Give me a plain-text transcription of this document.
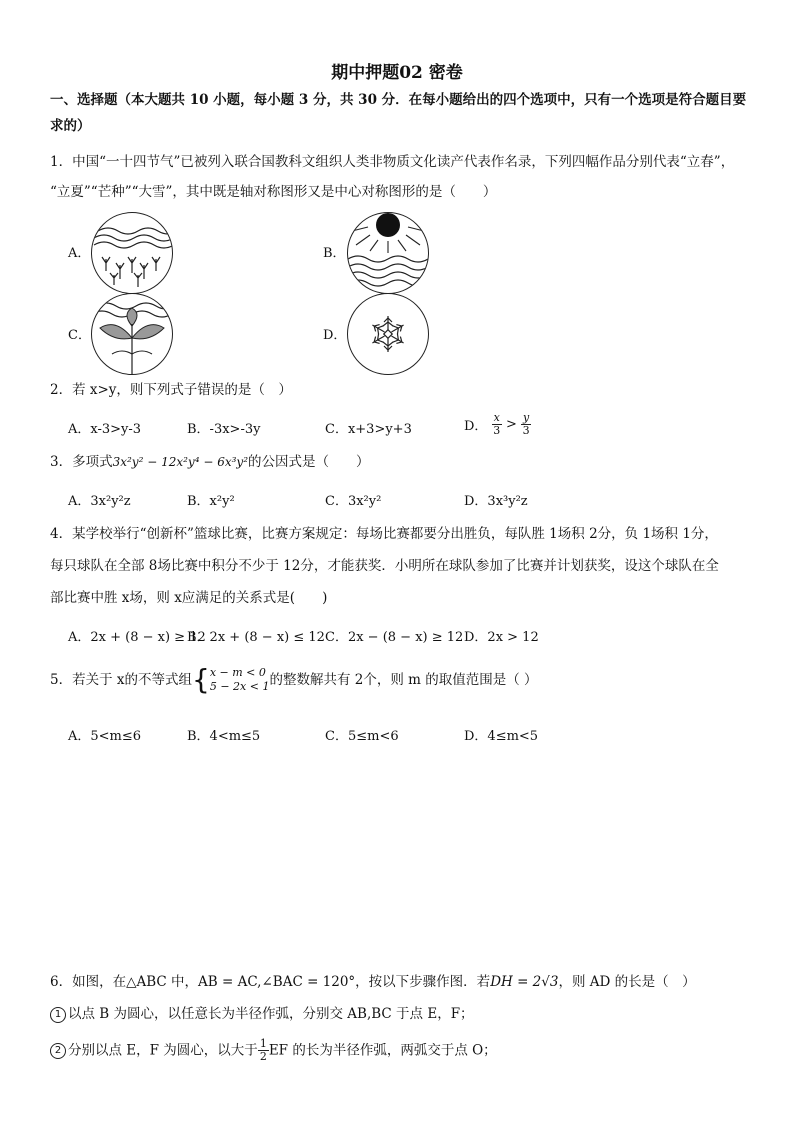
期中押题02 密卷
一、选择题（本大题共 10 小题，每小题 3 分，共 30 分．在每小题给出的四个选项中，只有一个选项是符合题目要
求的）
1．中国“一十四节气”已被列入联合国教科文组织人类非物质文化读产代表作名录，下列四幅作品分别代表“立春”，
“立夏”“芒种”“大雪”，其中既是轴对称图形又是中心对称图形的是（　　）
A．	B．
C．	D．
2．若 x>y，则下列式子错误的是（　）
A．x-3>y-3	B．-3x>-3y	C．x+3>y+3	D． $\frac{x}{3} > \frac{y}{3}$
3．多项式3x²y² − 12x²y⁴ − 6x³y²的公因式是（　　）
A．3x²y²z	B．x²y²	C．3x²y²	D．3x³y²z
4．某学校举行“创新杯”篮球比赛，比赛方案规定：每场比赛都要分出胜负，每队胜 1场积 2分，负 1场积 1分，
每只球队在全部 8场比赛中积分不少于 12分，才能获奖．小明所在球队参加了比赛并计划获奖，设这个球队在全
部比赛中胜 x场，则 x应满足的关系式是(　　)
A．2x + (8 − x) ≥ 12
B．2x + (8 − x) ≤ 12 C．2x − (8 − x) ≥ 12 D．2x > 12
5．若关于 x的不等式组{ x − m < 0
5 − 2x < 1 的整数解共有 2个，则 m 的取值范围是（ ）
A．5<m≤6	B．4<m≤5	C．5≤m<6	D．4≤m<5
6．如图，在△ABC 中，AB = AC,∠BAC = 120°，按以下步骤作图．若DH = 2√3，则 AD 的长是（　）
1 以点 B 为圆心，以任意长为半径作弧，分别交 AB,BC 于点 E，F；
2 分别以点 E，F 为圆心，以大于 $\frac{1}{2}$ EF 的长为半径作弧，两弧交于点 O；
